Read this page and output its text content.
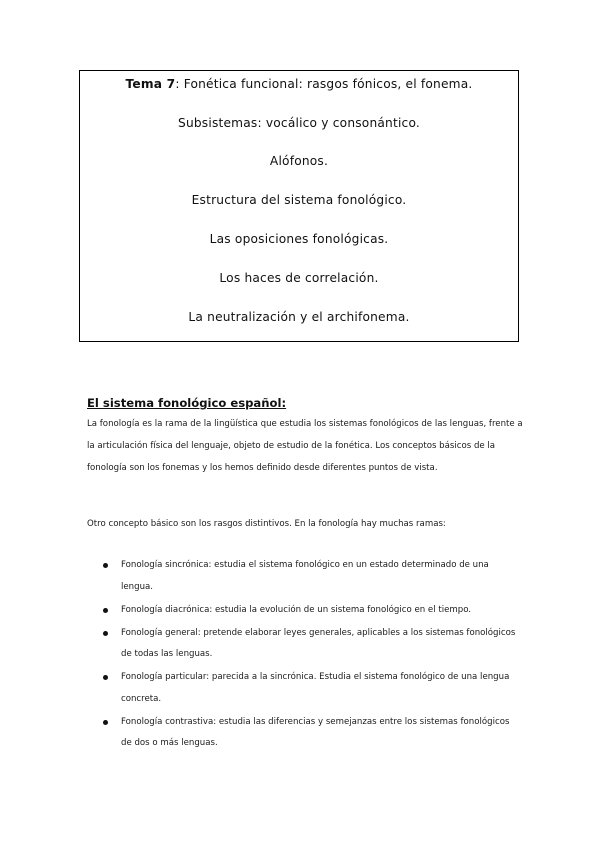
Tema 7: Fonética funcional: rasgos fónicos, el fonema.
Subsistemas: vocálico y consonántico.
Alófonos.
Estructura del sistema fonológico.
Las oposiciones fonológicas.
Los haces de correlación.
La neutralización y el archifonema.
El sistema fonológico español:

La fonología es la rama de la lingüística que estudia los sistemas fonológicos de las lenguas, frente a la articulación física del lenguaje, objeto de estudio de la fonética. Los conceptos básicos de la fonología son los fonemas y los hemos definido desde diferentes puntos de vista.

Otro concepto básico son los rasgos distintivos. En la fonología hay muchas ramas:

Fonología sincrónica: estudia el sistema fonológico en un estado determinado de una lengua.
Fonología diacrónica: estudia la evolución de un sistema fonológico en el tiempo.
Fonología general: pretende elaborar leyes generales, aplicables a los sistemas fonológicos de todas las lenguas.
Fonología particular: parecida a la sincrónica. Estudia el sistema fonológico de una lengua concreta.
Fonología contrastiva: estudia las diferencias y semejanzas entre los sistemas fonológicos de dos o más lenguas.
